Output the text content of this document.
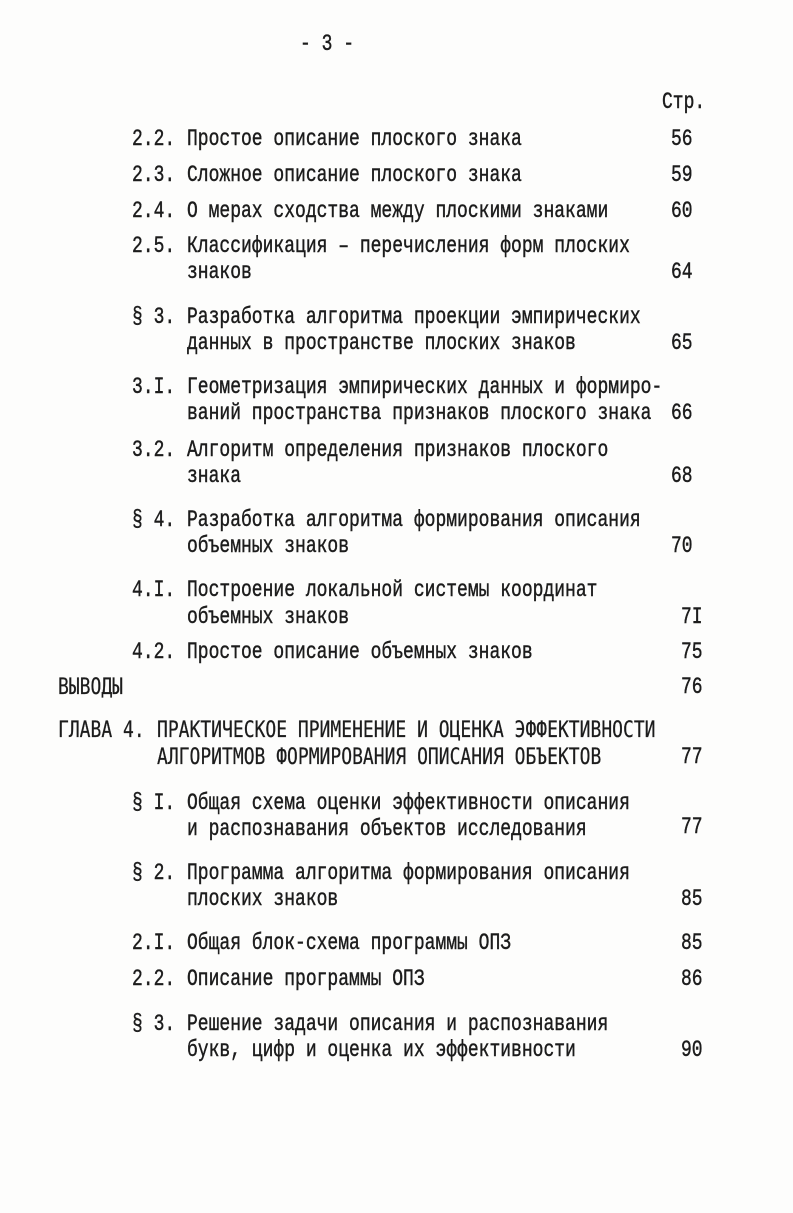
- 3 -
Стр.
2.2. Простое описание плоского знака	56
2.3. Сложное описание плоского знака	59
2.4. О мерах сходства между плоскими знаками	60
2.5. Классификация – перечисления форм плоских
знаков	64
§ 3. Разработка алгоритма проекции эмпирических
данных в пространстве плоских знаков	65
3.I. Геометризация эмпирических данных и формиро-
ваний пространства признаков плоского знака 66
3.2. Алгоритм определения признаков плоского
знака	68
§ 4. Разработка алгоритма формирования описания
объемных знаков	70
4.I. Построение локальной системы координат
объемных знаков	7I
4.2. Простое описание объемных знаков	75
ВЫВОДЫ	76
ГЛАВА 4. ПРАКТИЧЕСКОЕ ПРИМЕНЕНИЕ И ОЦЕНКА ЭФФЕКТИВНОСТИ
АЛГОРИТМОВ ФОРМИРОВАНИЯ ОПИСАНИЯ ОБЪЕКТОВ	77
§ I. Общая схема оценки эффективности описания
и распознавания объектов исследования	77
§ 2. Программа алгоритма формирования описания
плоских знаков	85
2.I. Общая блок-схема программы ОПЗ	85
2.2. Описание программы ОПЗ	86
§ 3. Решение задачи описания и распознавания
букв, цифр и оценка их эффективности	90
